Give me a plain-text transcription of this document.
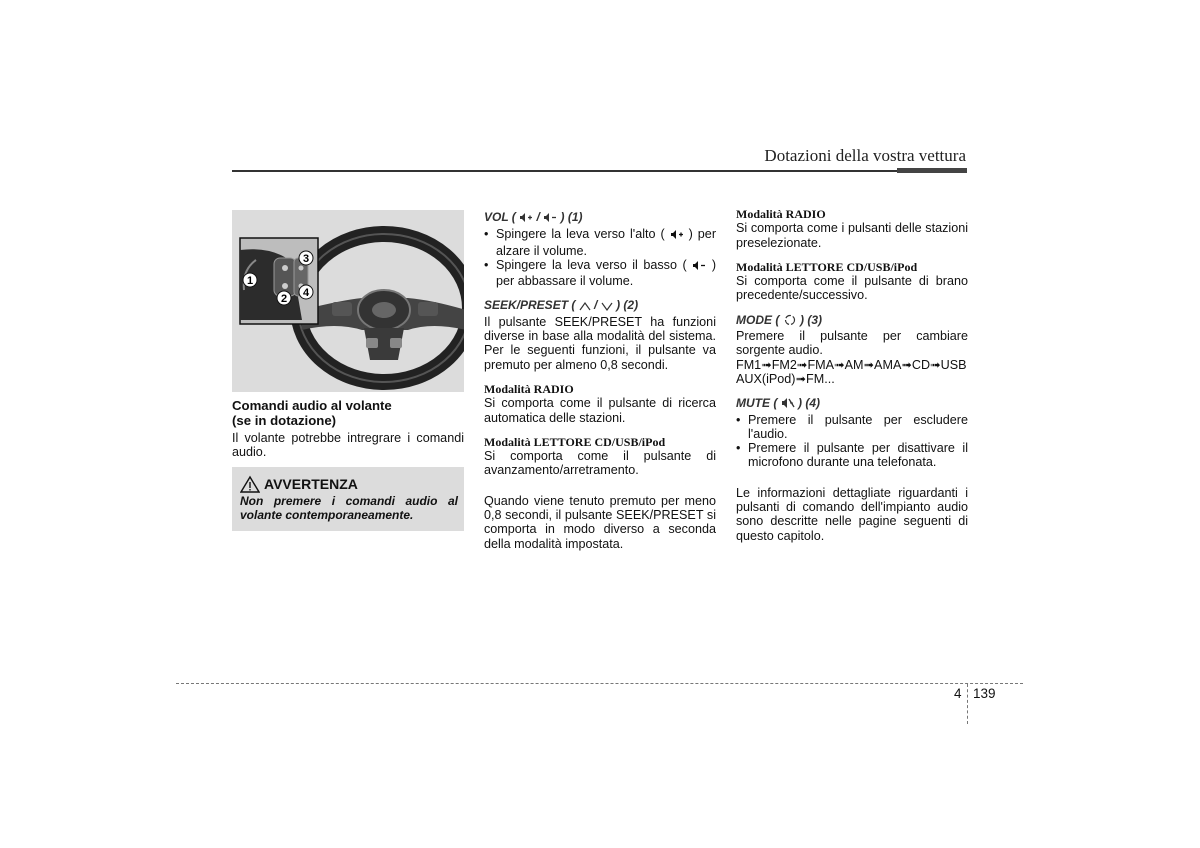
Dotazioni della vostra vettura
1
2
3
4
Comandi audio al volante
(se in dotazione)

Il volante potrebbe intregrare i comandi audio.

AVVERTENZA
Non premere i comandi audio al volante contemporaneamente.

VOL ( / ) (1)

• Spingere la leva verso l'alto ( ) per alzare il volume.
• Spingere la leva verso il basso ( ) per abbassare il volume.

SEEK/PRESET ( / ) (2)

Il pulsante SEEK/PRESET ha funzioni diverse in base alla modalità del sistema. Per le seguenti funzioni, il pulsante va premuto per almeno 0,8 secondi.

Modalità RADIO

Si comporta come il pulsante di ricerca automatica delle stazioni.

Modalità LETTORE CD/USB/iPod

Si comporta come il pulsante di avanzamento/arretramento.

Quando viene tenuto premuto per meno 0,8 secondi, il pulsante SEEK/PRESET si comporta in modo diverso a seconda della modalità impostata.

Modalità RADIO

Si comporta come i pulsanti delle stazioni preselezionate.

Modalità LETTORE CD/USB/iPod

Si comporta come il pulsante di brano precedente/successivo.

MODE ( ) (3)

Premere il pulsante per cambiare sorgente audio.

FM1➟FM2➟FMA➟AM➟AMA➟CD➟USB

AUX(iPod)➟FM...

MUTE ( ) (4)

• Premere il pulsante per escludere l'audio.
• Premere il pulsante per disattivare il microfono durante una telefonata.

Le informazioni dettagliate riguardanti i pulsanti di comando dell'impianto audio sono descritte nelle pagine seguenti di questo capitolo.

4 139
